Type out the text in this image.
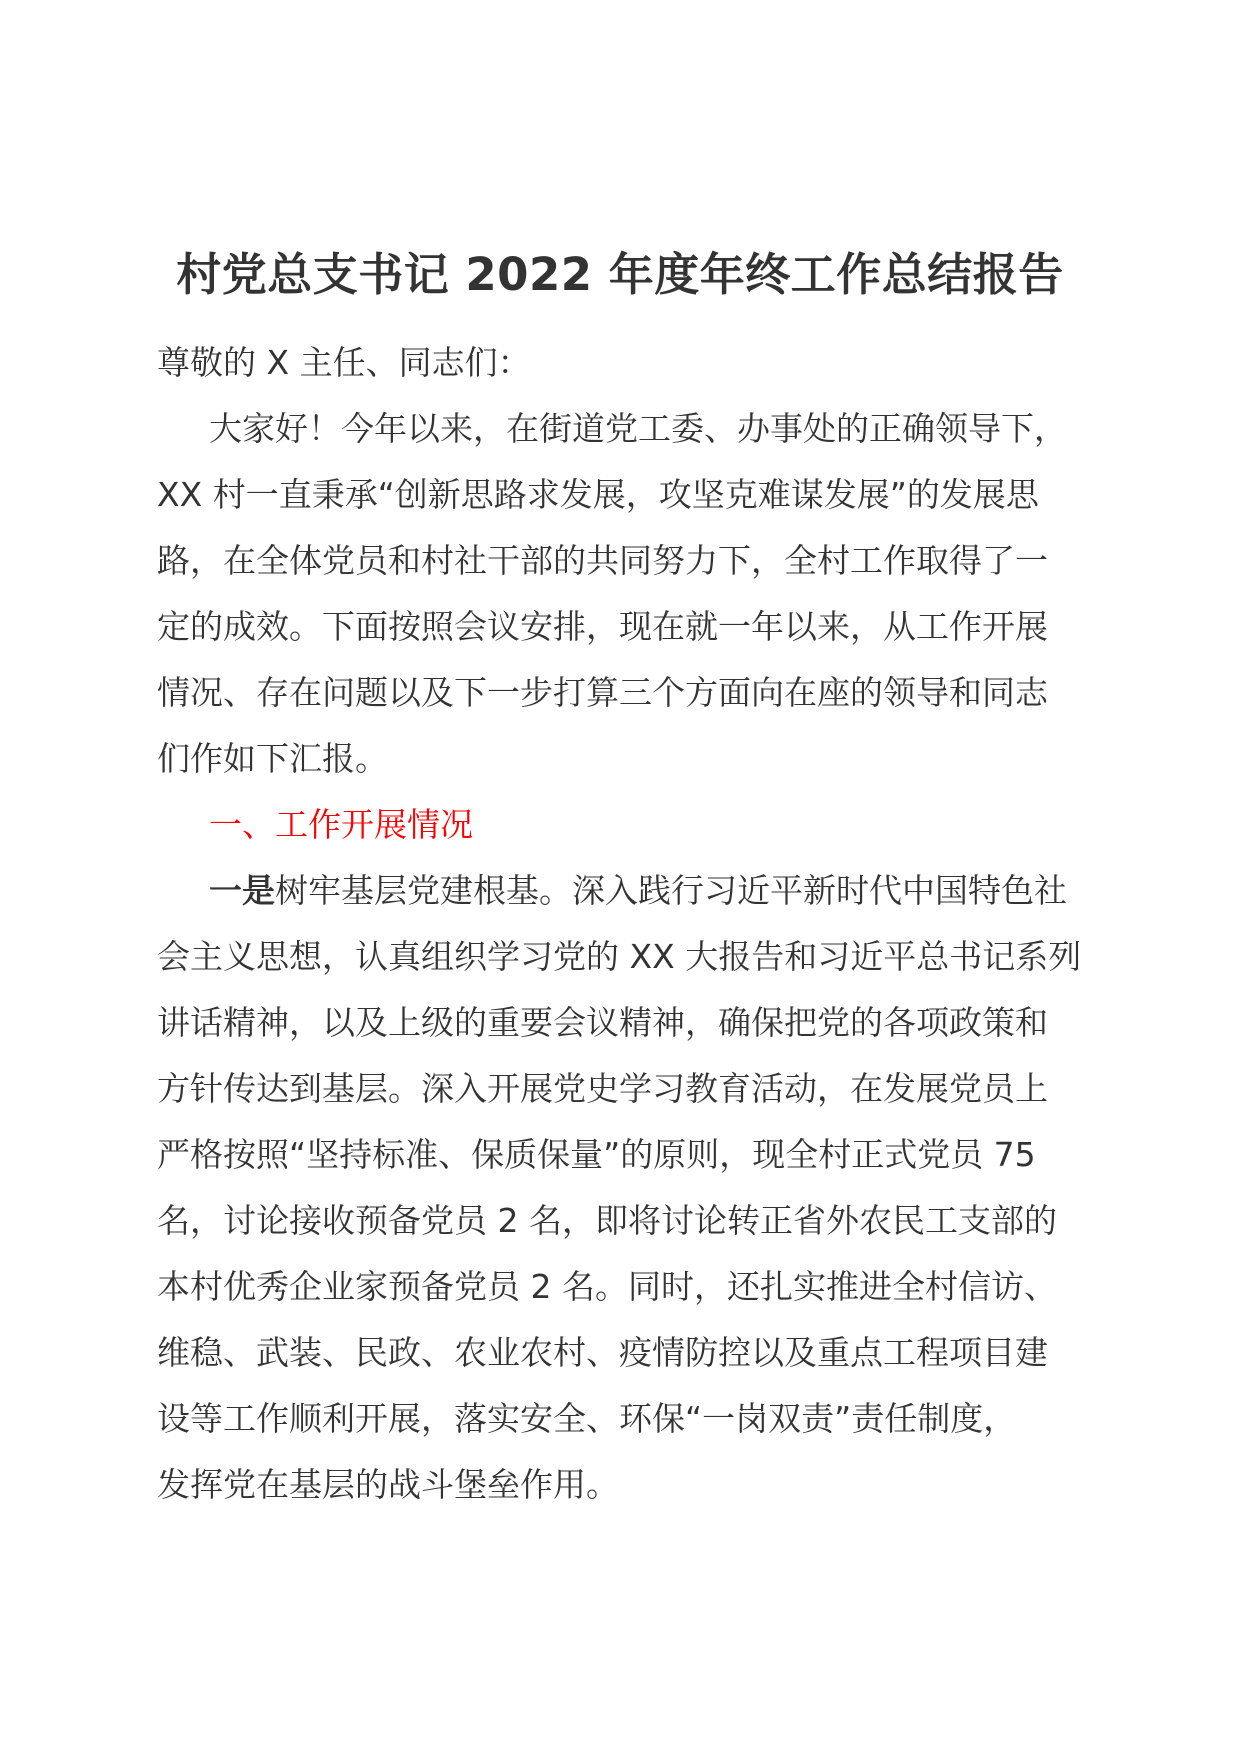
村党总支书记 2022 年度年终工作总结报告
尊敬的 X 主任、同志们：
大家好！今年以来，在街道党工委、办事处的正确领导下，
XX 村一直秉承“创新思路求发展，攻坚克难谋发展”的发展思
路，在全体党员和村社干部的共同努力下，全村工作取得了一
定的成效。下面按照会议安排，现在就一年以来，从工作开展
情况、存在问题以及下一步打算三个方面向在座的领导和同志
们作如下汇报。
一、工作开展情况
一是树牢基层党建根基。深入践行习近平新时代中国特色社
会主义思想，认真组织学习党的 XX 大报告和习近平总书记系列
讲话精神，以及上级的重要会议精神，确保把党的各项政策和
方针传达到基层。深入开展党史学习教育活动，在发展党员上
严格按照“坚持标准、保质保量”的原则，现全村正式党员 75
名，讨论接收预备党员 2 名，即将讨论转正省外农民工支部的
本村优秀企业家预备党员 2 名。同时，还扎实推进全村信访、
维稳、武装、民政、农业农村、疫情防控以及重点工程项目建
设等工作顺利开展，落实安全、环保“一岗双责”责任制度，
发挥党在基层的战斗堡垒作用。
